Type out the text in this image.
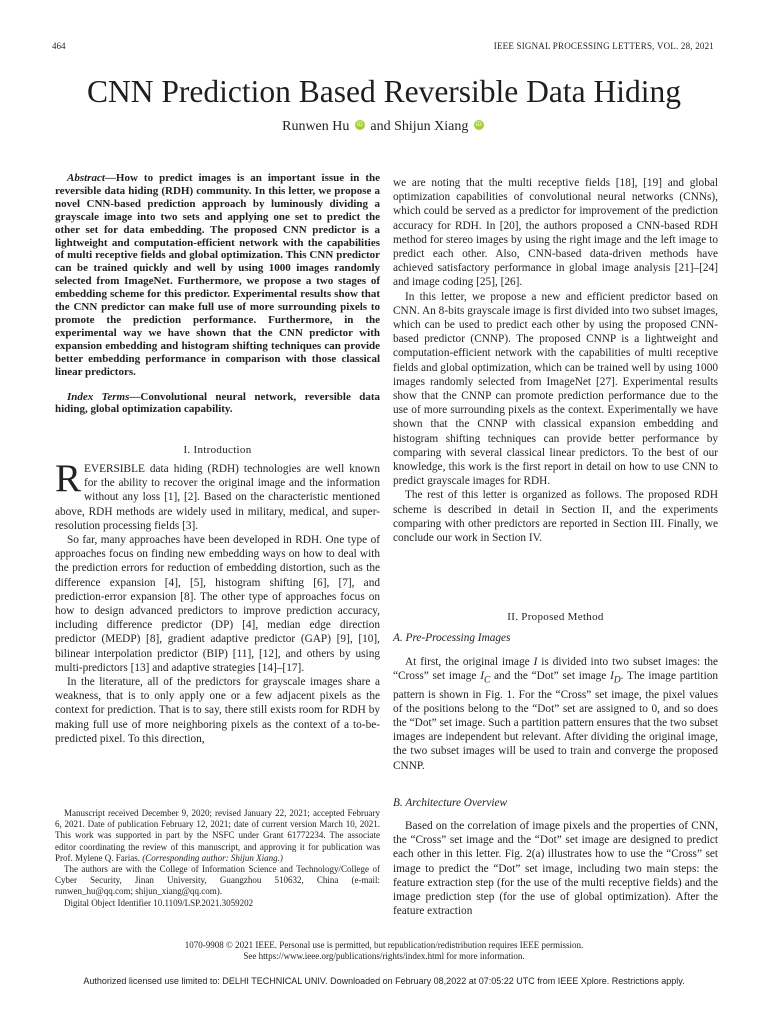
464	IEEE SIGNAL PROCESSING LETTERS, VOL. 28, 2021
CNN Prediction Based Reversible Data Hiding
Runwen Hu iD and Shijun Xiang iD

Abstract—How to predict images is an important issue in the reversible data hiding (RDH) community. In this letter, we propose a novel CNN-based prediction approach by luminously dividing a grayscale image into two sets and applying one set to predict the other set for data embedding. The proposed CNN predictor is a lightweight and computation-efficient network with the capabilities of multi receptive fields and global optimization. This CNN predictor can be trained quickly and well by using 1000 images randomly selected from ImageNet. Furthermore, we propose a two stages of embedding scheme for this predictor. Experimental results show that the CNN predictor can make full use of more surrounding pixels to promote the prediction performance. Furthermore, in the experimental way we have shown that the CNN predictor with expansion embedding and histogram shifting techniques can provide better embedding performance in comparison with those classical linear predictors.

Index Terms—Convolutional neural network, reversible data hiding, global optimization capability.

I. Introduction

REVERSIBLE data hiding (RDH) technologies are well known for the ability to recover the original image and the information without any loss [1], [2]. Based on the characteristic mentioned above, RDH methods are widely used in military, medical, and super-resolution processing fields [3].

So far, many approaches have been developed in RDH. One type of approaches focus on finding new embedding ways on how to deal with the prediction errors for reduction of embedding distortion, such as the difference expansion [4], [5], histogram shifting [6], [7], and prediction-error expansion [8]. The other type of approaches focus on how to design advanced predictors to improve prediction accuracy, including difference predictor (DP) [4], median edge direction predictor (MEDP) [8], gradient adaptive predictor (GAP) [9], [10], bilinear interpolation predictor (BIP) [11], [12], and others by using multi-predictors [13] and adaptive strategies [14]–[17].

In the literature, all of the predictors for grayscale images share a weakness, that is to only apply one or a few adjacent pixels as the context for prediction. That is to say, there still exists room for RDH by making full use of more neighboring pixels as the context of a to-be-predicted pixel. To this direction,

Manuscript received December 9, 2020; revised January 22, 2021; accepted February 6, 2021. Date of publication February 12, 2021; date of current version March 10, 2021. This work was supported in part by the NSFC under Grant 61772234. The associate editor coordinating the review of this manuscript, and approving it for publication was Prof. Mylene Q. Farias. (Corresponding author: Shijun Xiang.)

The authors are with the College of Information Science and Technology/College of Cyber Security, Jinan University, Guangzhou 510632, China (e-mail: runwen_hu@qq.com; shijun_xiang@qq.com).

Digital Object Identifier 10.1109/LSP.2021.3059202

we are noting that the multi receptive fields [18], [19] and global optimization capabilities of convolutional neural networks (CNNs), which could be served as a predictor for improvement of the prediction accuracy for RDH. In [20], the authors proposed a CNN-based RDH method for stereo images by using the right image and the left image to predict each other. Also, CNN-based data-driven methods have achieved satisfactory performance in global image analysis [21]–[24] and image coding [25], [26].

In this letter, we propose a new and efficient predictor based on CNN. An 8-bits grayscale image is first divided into two subset images, which can be used to predict each other by using the proposed CNN-based predictor (CNNP). The proposed CNNP is a lightweight and computation-efficient network with the capabilities of multi receptive fields and global optimization, which can be trained well by using 1000 images randomly selected from ImageNet [27]. Experimental results show that the CNNP can promote prediction performance due to the use of more surrounding pixels as the context. Experimentally we have shown that the CNNP with classical expansion embedding and histogram shifting techniques can provide better performance by comparing with several classical linear predictors. To the best of our knowledge, this work is the first report in detail on how to use CNN to predict grayscale images for RDH.

The rest of this letter is organized as follows. The proposed RDH scheme is described in detail in Section II, and the experiments comparing with other predictors are reported in Section III. Finally, we conclude our work in Section IV.

II. Proposed Method
A. Pre-Processing Images

At first, the original image I is divided into two subset images: the “Cross” set image $I_C$ and the “Dot” set image $I_D$. The image partition pattern is shown in Fig. 1. For the “Cross” set image, the pixel values of the positions belong to the “Dot” set are assigned to 0, and so does the “Dot” set image. Such a partition pattern ensures that the two subset images are independent but relevant. After dividing the original image, the two subset images will be used to train and converge the proposed CNNP.

B. Architecture Overview

Based on the correlation of image pixels and the properties of CNN, the “Cross” set image and the “Dot” set image are designed to predict each other in this letter. Fig. 2(a) illustrates how to use the “Cross” set image to predict the “Dot” set image, including two main steps: the feature extraction step (for the use of the multi receptive fields) and the image prediction step (for the use of global optimization). After the feature extraction

1070-9908 © 2021 IEEE. Personal use is permitted, but republication/redistribution requires IEEE permission.
See https://www.ieee.org/publications/rights/index.html for more information.
Authorized licensed use limited to: DELHI TECHNICAL UNIV. Downloaded on February 08,2022 at 07:05:22 UTC from IEEE Xplore. Restrictions apply.
